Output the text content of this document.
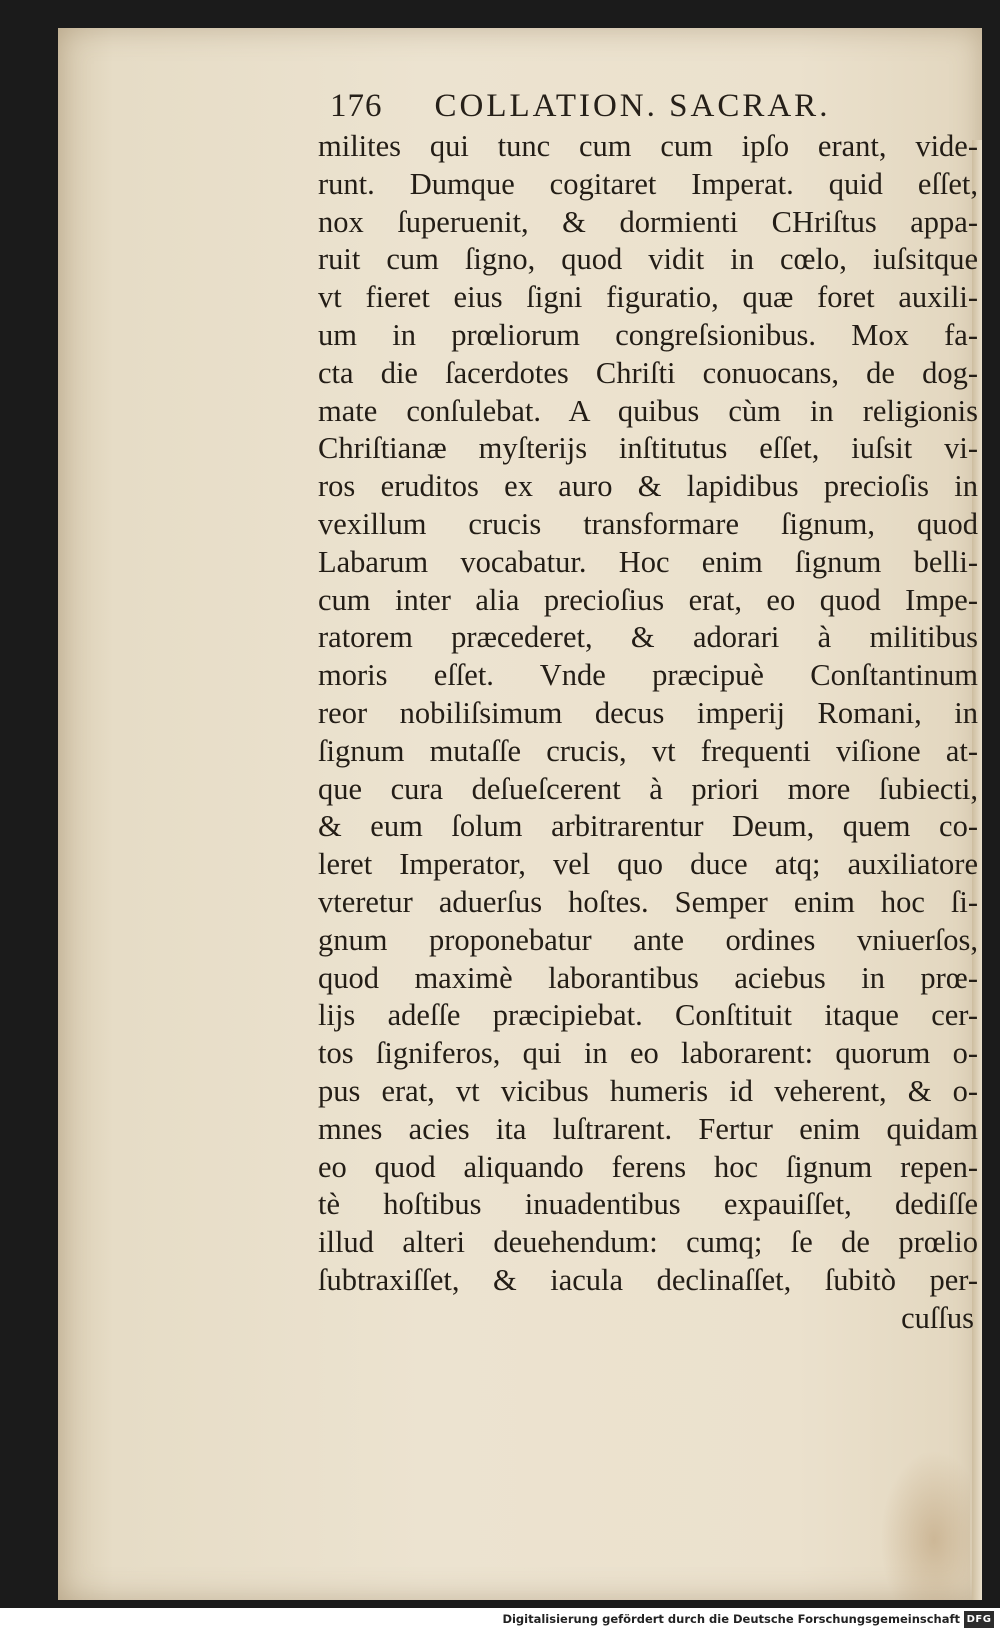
176 COLLATION. SACRAR.
milites qui tunc cum cum ipſo erant, vide-
runt. Dumque cogitaret Imperat. quid eſſet,
nox ſuperuenit, & dormienti CHriſtus appa-
ruit cum ſigno, quod vidit in cœlo, iuſsitque
vt fieret eius ſigni figuratio, quæ foret auxili-
um in prœliorum congreſsionibus. Mox fa-
cta die ſacerdotes Chriſti conuocans, de dog-
mate conſulebat. A quibus cùm in religionis
Chriſtianæ myſterijs inſtitutus eſſet, iuſsit vi-
ros eruditos ex auro & lapidibus precioſis in
vexillum crucis transformare ſignum, quod
Labarum vocabatur. Hoc enim ſignum belli-
cum inter alia precioſius erat, eo quod Impe-
ratorem præcederet, & adorari à militibus
moris eſſet. Vnde præcipuè Conſtantinum
reor nobiliſsimum decus imperij Romani, in
ſignum mutaſſe crucis, vt frequenti viſione at-
que cura deſueſcerent à priori more ſubiecti,
& eum ſolum arbitrarentur Deum, quem co-
leret Imperator, vel quo duce atq; auxiliatore
vteretur aduerſus hoſtes. Semper enim hoc ſi-
gnum proponebatur ante ordines vniuerſos,
quod maximè laborantibus aciebus in prœ-
lijs adeſſe præcipiebat. Conſtituit itaque cer-
tos ſigniferos, qui in eo laborarent: quorum o-
pus erat, vt vicibus humeris id veherent, & o-
mnes acies ita luſtrarent. Fertur enim quidam
eo quod aliquando ferens hoc ſignum repen-
tè hoſtibus inuadentibus expauiſſet, dediſſe
illud alteri deuehendum: cumq; ſe de prœlio
ſubtraxiſſet, & iacula declinaſſet, ſubitò per-
cuſſus
Digitalisierung gefördert durch die Deutsche Forschungsgemeinschaft DFG
